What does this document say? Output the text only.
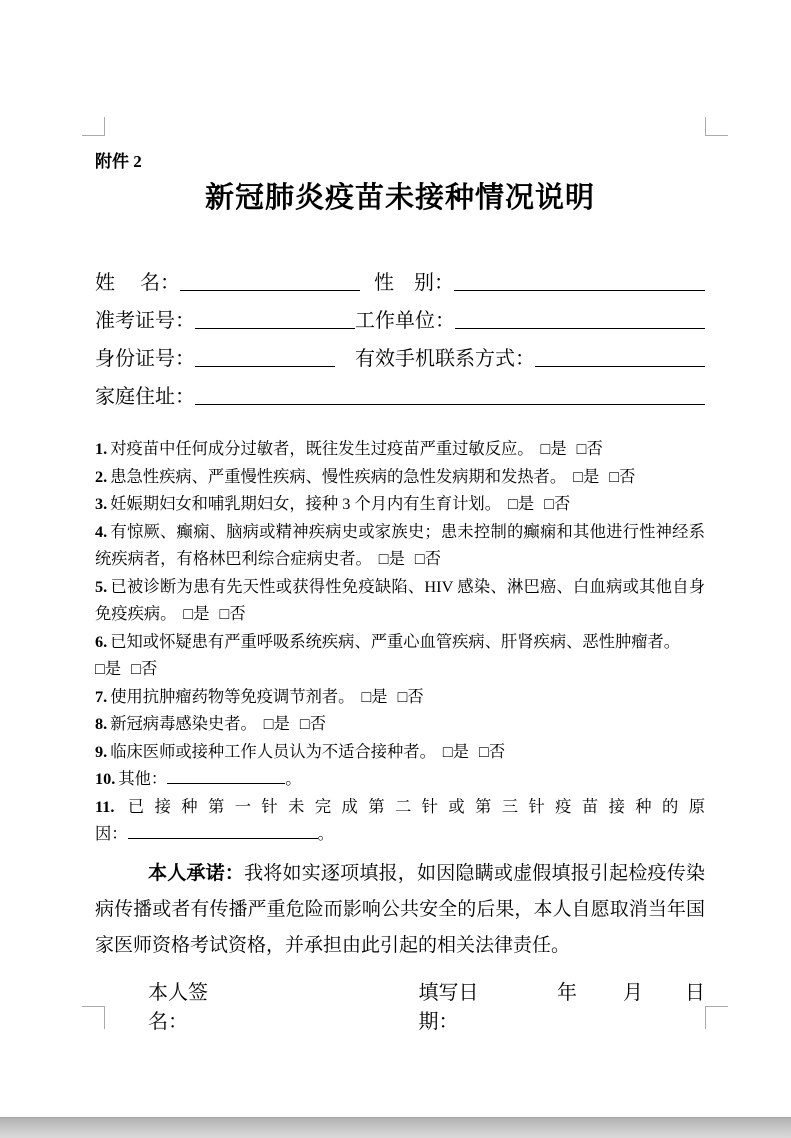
附件 2
新冠肺炎疫苗未接种情况说明
姓　 名：	性　别：
准考证号：	工作单位：
身份证号：	有效手机联系方式：
家庭住址：
1. 对疫苗中任何成分过敏者，既往发生过疫苗严重过敏反应。 □是 □否
2. 患急性疾病、严重慢性疾病、慢性疾病的急性发病期和发热者。 □是 □否
3. 妊娠期妇女和哺乳期妇女，接种 3 个月内有生育计划。 □是 □否
4. 有惊厥、癫痫、脑病或精神疾病史或家族史；患未控制的癫痫和其他进行性神经系统疾病者，有格林巴利综合症病史者。 □是 □否
5. 已被诊断为患有先天性或获得性免疫缺陷、HIV 感染、淋巴癌、白血病或其他自身免疫疾病。 □是 □否
6. 已知或怀疑患有严重呼吸系统疾病、严重心血管疾病、肝肾疾病、恶性肿瘤者。
□是 □否
7. 使用抗肿瘤药物等免疫调节剂者。 □是 □否
8. 新冠病毒感染史者。 □是 □否
9. 临床医师或接种工作人员认为不适合接种者。 □是 □否
10. 其他：	。
11. 已接种第一针未完成第二针或第三针疫苗接种的原
因：	。
本人承诺：我将如实逐项填报，如因隐瞒或虚假填报引起检疫传染病传播或者有传播严重危险而影响公共安全的后果，本人自愿取消当年国家医师资格考试资格，并承担由此引起的相关法律责任。
本人签名：
填写日期：
年 月 日
